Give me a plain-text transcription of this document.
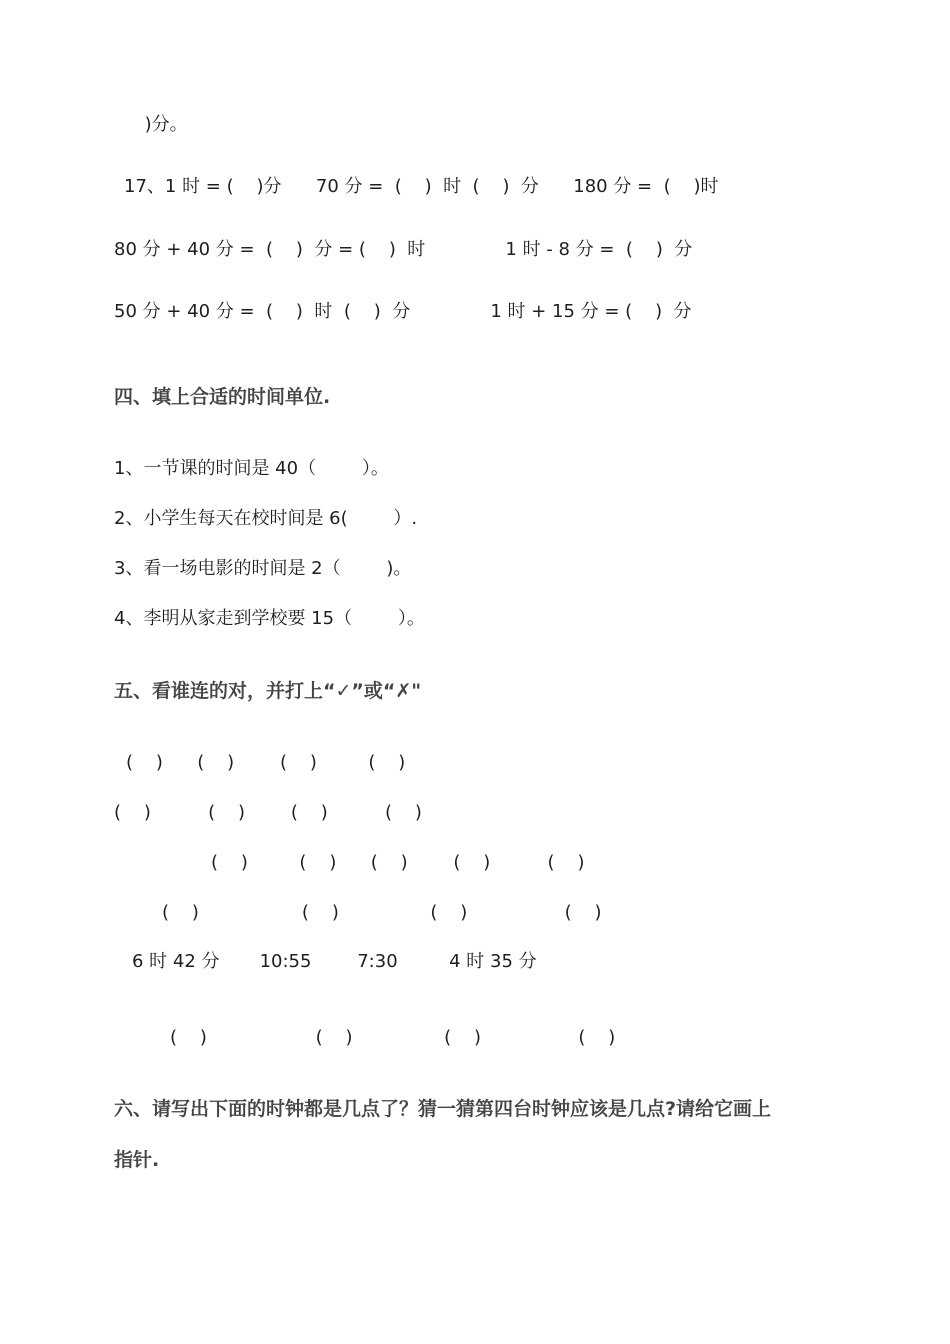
)分。
17、1 时 = (    )分      70 分 =  (    )  时  (    )  分      180 分 =  (    )时
80 分 + 40 分 =  (    )  分 = (    )  时              1 时 - 8 分 =  (    )  分
50 分 + 40 分 =  (    )  时  (    )  分              1 时 + 15 分 = (    )  分
四、填上合适的时间单位.
1、一节课的时间是 40（        ）。
2、小学生每天在校时间是 6(        ）.
3、看一场电影的时间是 2（        )。
4、李明从家走到学校要 15（        ）。
五、看谁连的对，并打上“✓”或“✗"
(    )      (    )        (    )         (    )
(    )          (    )        (    )          (    )
(    )         (    )      (    )        (    )          (    )
(    )                  (    )                (    )                 (    )
6 时 42 分       10:55        7:30         4 时 35 分
(    )                   (    )                (    )                 (    )
六、请写出下面的时钟都是几点了？猜一猜第四台时钟应该是几点?请给它画上
指针.
